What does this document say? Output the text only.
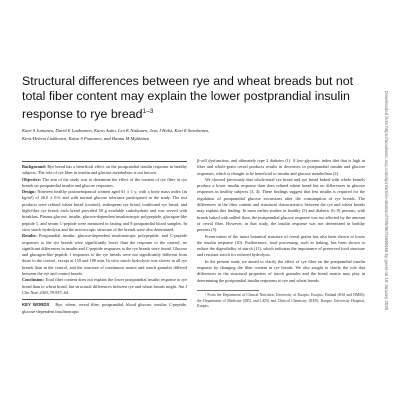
Structural differences between rye and wheat breads but not total fiber content may explain the lower postprandial insulin response to rye bread$^{1-3}$
Katri S Juntunen, David E Laaksonen, Karin Autio, Leo K Niskanen, Jens J Holst, Kari E Savolainen,
Kirsi-Helena Liukkonen, Kaisa S Poutanen, and Hannu M Mykkänen

Background: Rye bread has a beneficial effect on the postprandial insulin response in healthy subjects. The role of rye fiber in insulin and glucose metabolism is not known.

Objective: The aim of the study was to determine the effect of the content of rye fiber in rye breads on postprandial insulin and glucose responses.

Design: Nineteen healthy postmenopausal women aged 61 ± 1 y, with a body mass index (in kg/m²) of 26.0 ± 0.6, and with normal glucose tolerance participated in the study. The test products were refined wheat bread (control), endosperm rye bread, traditional rye bread, and high-fiber rye bread; each bread provided 50 g available carbohydrate and was served with breakfast. Plasma glucose, insulin, glucose-dependent insulinotropic polypeptide, glucagon-like peptide 1, and serum C-peptide were measured in fasting and 8 postprandial blood samples. In vitro starch hydrolysis and the microscopic structure of the breads were also determined.

Results: Postprandial insulin, glucose-dependent insulinotropic polypeptide, and C-peptide responses to the rye breads were significantly lower than the response to the control; no significant differences in insulin and C-peptide responses to the rye breads were found. Glucose and glucagon-like peptide 1 responses to the rye breads were not significantly different from those to the control, except at 150 and 180 min. In vitro starch hydrolysis was slower in all rye breads than in the control, and the structure of continuous matrix and starch granules differed between the rye and control breads.

Conclusion: Total fiber content does not explain the lower postprandial insulin response to rye bread than to wheat bread, but structural differences between rye and wheat breads might. Am J Clin Nutr 2003;78:957–64.

KEY WORDS Rye, wheat, cereal fiber, postprandial, blood glucose, insulin, C-peptide, glucose-dependent insulinotropic

β-cell dysfunction, and ultimately type 2 diabetes (1). A low-glycemic index diet that is high in fiber and whole-grain cereal products results in decreases in postprandial insulin and glucose responses, which is thought to be beneficial to insulin and glucose metabolism (2).

We showed previously that whole-meal rye bread and rye bread baked with whole kernels produce a lower insulin response than does refined wheat bread but no differences in glucose responses in healthy subjects (3, 4). These findings suggest that less insulin is required for the regulation of postprandial glucose excursions after the consumption of rye breads. The differences in the fiber content and structural characteristics between the rye and wheat breads may explain this finding. In most earlier studies in healthy (5) and diabetic (6–9) persons, with breads baked with milled flour, the postprandial glucose response was not affected by the amount of cereal fiber. However, in that study, the insulin response was not determined in healthy persons (5).

Preservation of the intact botanical structure of cereal grains has also been shown to lower the insulin response (10). Furthermore, food processing, such as baking, has been shown to reduce the digestibility of starch (11), which indicates the importance of preserved food structure and resistant starch for reduced hydrolysis.

In the present study we aimed to clarify the effect of rye fiber on the postprandial insulin response by changing the fiber content in rye breads. We also sought to clarify the role that differences in the structural properties of starch granules and the bread matrix may play in determining the postprandial insulin responses to rye and wheat breads.

¹ From the Department of Clinical Nutrition, University of Kuopio, Kuopio, Finland (KSJ and HMM); the Department of Medicine (DEL and LKN) and Clinical Chemistry (KES), Kuopio University Hospital, Kuopio,	Downloaded from https://academic.oup.com/ajcn/article-abstract/78/5/957/4690455 by guest on 19 January 2020
